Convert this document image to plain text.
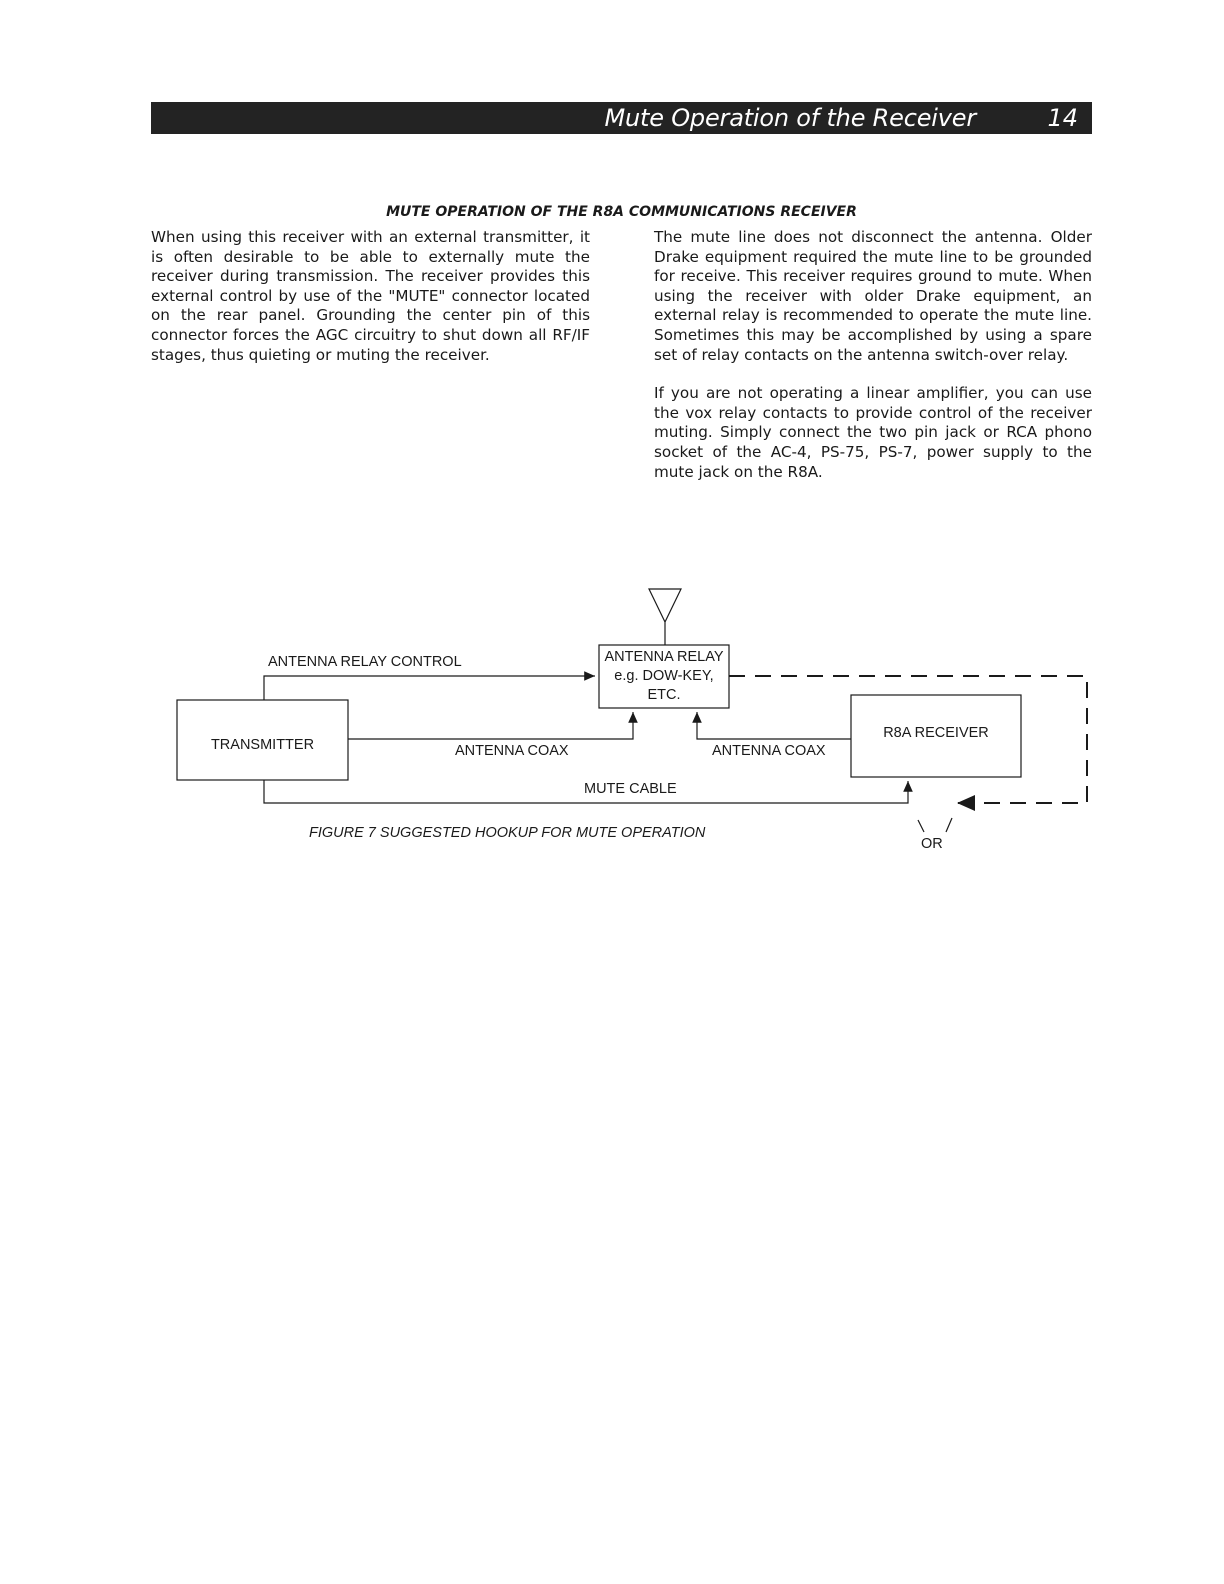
Mute Operation of the Receiver	14
MUTE OPERATION OF THE R8A COMMUNICATIONS RECEIVER

When using this receiver with an external transmitter, it is often desirable to be able to externally mute the receiver during transmission. The receiver provides this external control by use of the "MUTE" connector located on the rear panel. Grounding the center pin of this connector forces the AGC circuitry to shut down all RF/IF stages, thus quieting or muting the receiver.

The mute line does not disconnect the antenna. Older Drake equipment required the mute line to be grounded for receive. This receiver requires ground to mute. When using the receiver with older Drake equipment, an external relay is recommended to operate the mute line. Sometimes this may be accomplished by using a spare set of relay contacts on the antenna switch-over relay.

If you are not operating a linear amplifier, you can use the vox relay contacts to provide control of the receiver muting. Simply connect the two pin jack or RCA phono socket of the AC-4, PS-75, PS-7, power supply to the mute jack on the R8A.

ANTENNA RELAY CONTROL	ANTENNA RELAY
e.g. DOW-KEY,
ETC.
TRANSMITTER
R8A RECEIVER
ANTENNA COAX	ANTENNA COAX
MUTE CABLE
OR
FIGURE 7 SUGGESTED HOOKUP FOR MUTE OPERATION
